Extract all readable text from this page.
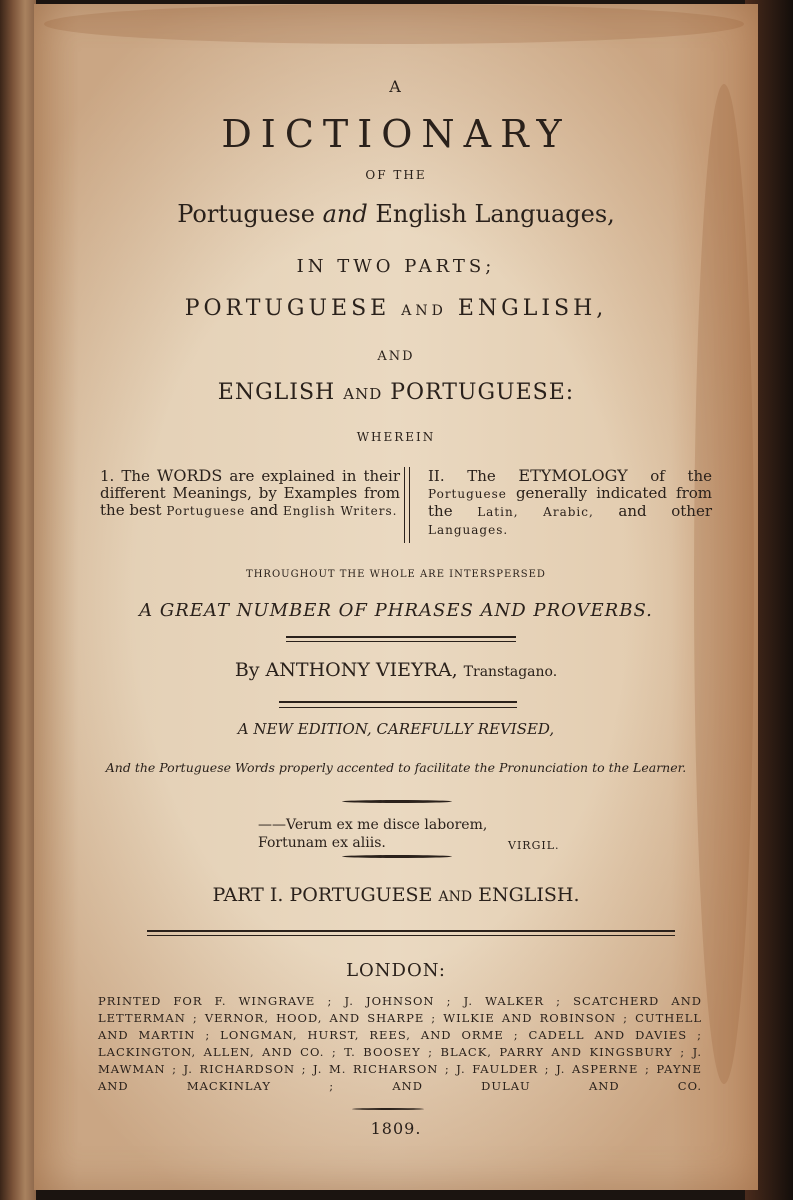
A
DICTIONARY
OF THE
Portuguese and English Languages,
IN TWO PARTS;
PORTUGUESE AND ENGLISH,
AND
ENGLISH AND PORTUGUESE:
WHEREIN
1. The WORDS are explained in their different Meanings, by Examples from the best Portuguese and English Writers.
II. The ETYMOLOGY of the Portuguese generally indicated from the Latin, Arabic, and other Languages.
THROUGHOUT THE WHOLE ARE INTERSPERSED
A GREAT NUMBER OF PHRASES AND PROVERBS.
By ANTHONY VIEYRA, Transtagano.
A NEW EDITION, CAREFULLY REVISED,
And the Portuguese Words properly accented to facilitate the Pronunciation to the Learner.
——Verum ex me disce laborem,
Fortunam ex aliis.	VIRGIL.
PART I. PORTUGUESE AND ENGLISH.
LONDON:
PRINTED FOR F. WINGRAVE ; J. JOHNSON ; J. WALKER ; SCATCHERD AND LETTERMAN ; VERNOR, HOOD, AND SHARPE ; WILKIE AND ROBINSON ; CUTHELL AND MARTIN ; LONGMAN, HURST, REES, AND ORME ; CADELL AND DAVIES ; LACKINGTON, ALLEN, AND CO. ; T. BOOSEY ; BLACK, PARRY AND KINGSBURY ; J. MAWMAN ; J. RICHARDSON ; J. M. RICHARSON ; J. FAULDER ; J. ASPERNE ; PAYNE AND MACKINLAY ; AND DULAU AND CO.
1809.
